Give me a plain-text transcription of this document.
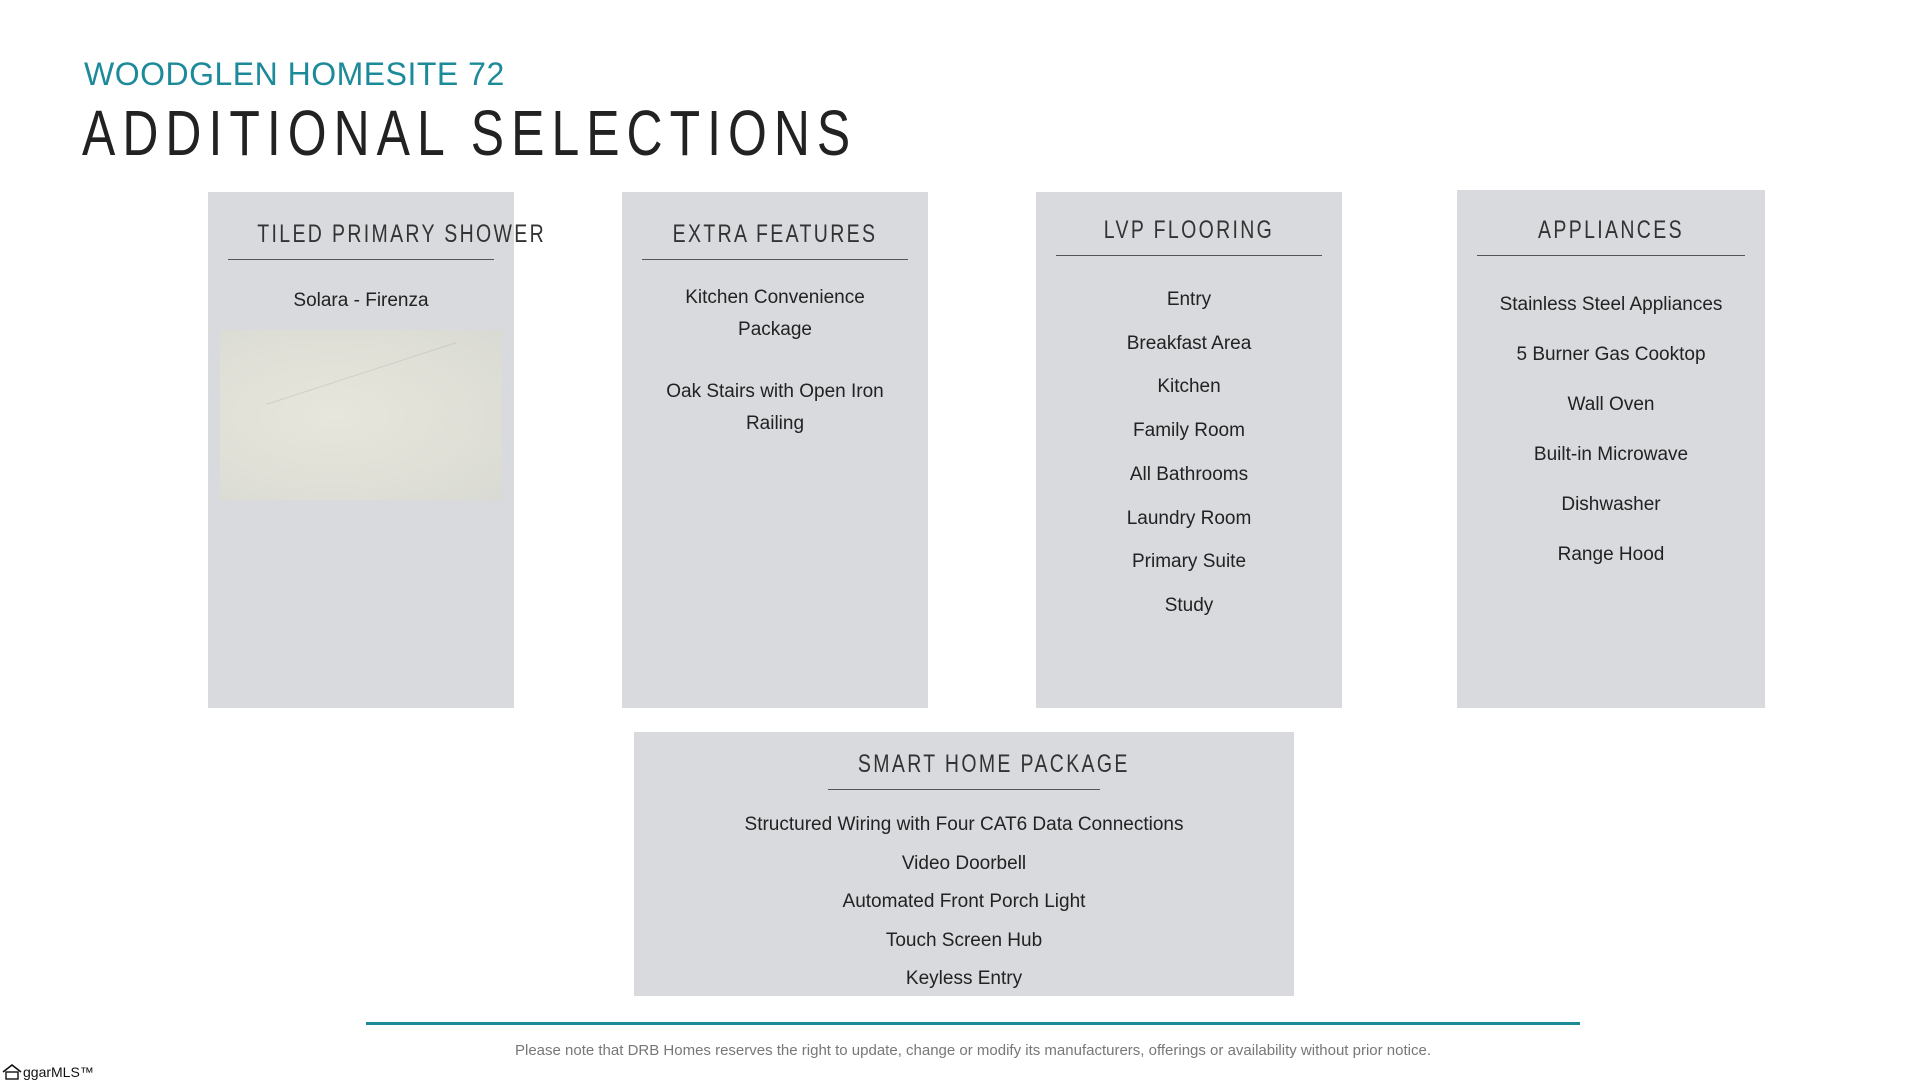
WOODGLEN HOMESITE 72
ADDITIONAL SELECTIONS
TILED PRIMARY SHOWER
Solara - Firenza
EXTRA FEATURES
Kitchen Convenience
Package
Oak Stairs with Open Iron
Railing
LVP FLOORING
Entry
Breakfast Area
Kitchen
Family Room
All Bathrooms
Laundry Room
Primary Suite
Study
APPLIANCES
Stainless Steel Appliances
5 Burner Gas Cooktop
Wall Oven
Built-in Microwave
Dishwasher
Range Hood
SMART HOME PACKAGE
Structured Wiring with Four CAT6 Data Connections
Video Doorbell
Automated Front Porch Light
Touch Screen Hub
Keyless Entry
Please note that DRB Homes reserves the right to update, change or modify its manufacturers, offerings or availability without prior notice.
ggarMLS™
